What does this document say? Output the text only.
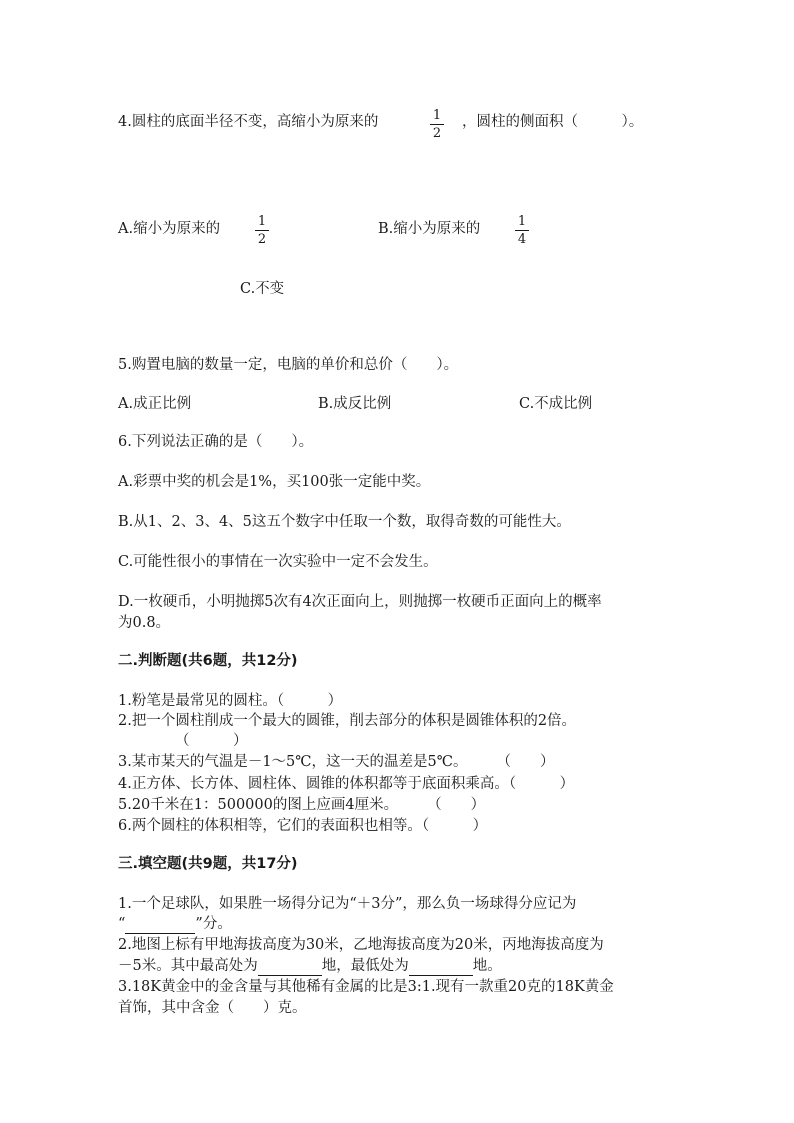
4.圆柱的底面半径不变，高缩小为原来的	1
2
，圆柱的侧面积（　　　）。
A.缩小为原来的	1
2
B.缩小为原来的	1
4
C.不变
5.购置电脑的数量一定，电脑的单价和总价（　　）。
A.成正比例	B.成反比例	C.不成比例
6.下列说法正确的是（　　）。
A.彩票中奖的机会是1%，买100张一定能中奖。
B.从1、2、3、4、5这五个数字中任取一个数，取得奇数的可能性大。
C.可能性很小的事情在一次实验中一定不会发生。
D.一枚硬币，小明抛掷5次有4次正面向上，则抛掷一枚硬币正面向上的概率
为0.8。
二.判断题(共6题，共12分)
1.粉笔是最常见的圆柱。（　　　）
2.把一个圆柱削成一个最大的圆锥，削去部分的体积是圆锥体积的2倍。
（　　　）
3.某市某天的气温是－1～5℃，这一天的温差是5℃。　　　（　　）
4.正方体、长方体、圆柱体、圆锥的体积都等于底面积乘高。（　　　）
5.20千米在1：500000的图上应画4厘米。　　　（　　）
6.两个圆柱的体积相等，它们的表面积也相等。（　　　）
三.填空题(共9题，共17分)
1.一个足球队，如果胜一场得分记为“＋3分”，那么负一场球得分应记为
“	”分。
2.地图上标有甲地海拔高度为30米，乙地海拔高度为20米，丙地海拔高度为
－5米。其中最高处为	地，最低处为	地。
3.18K黄金中的金含量与其他稀有金属的比是3:1.现有一款重20克的18K黄金
首饰，其中含金（　　）克。
